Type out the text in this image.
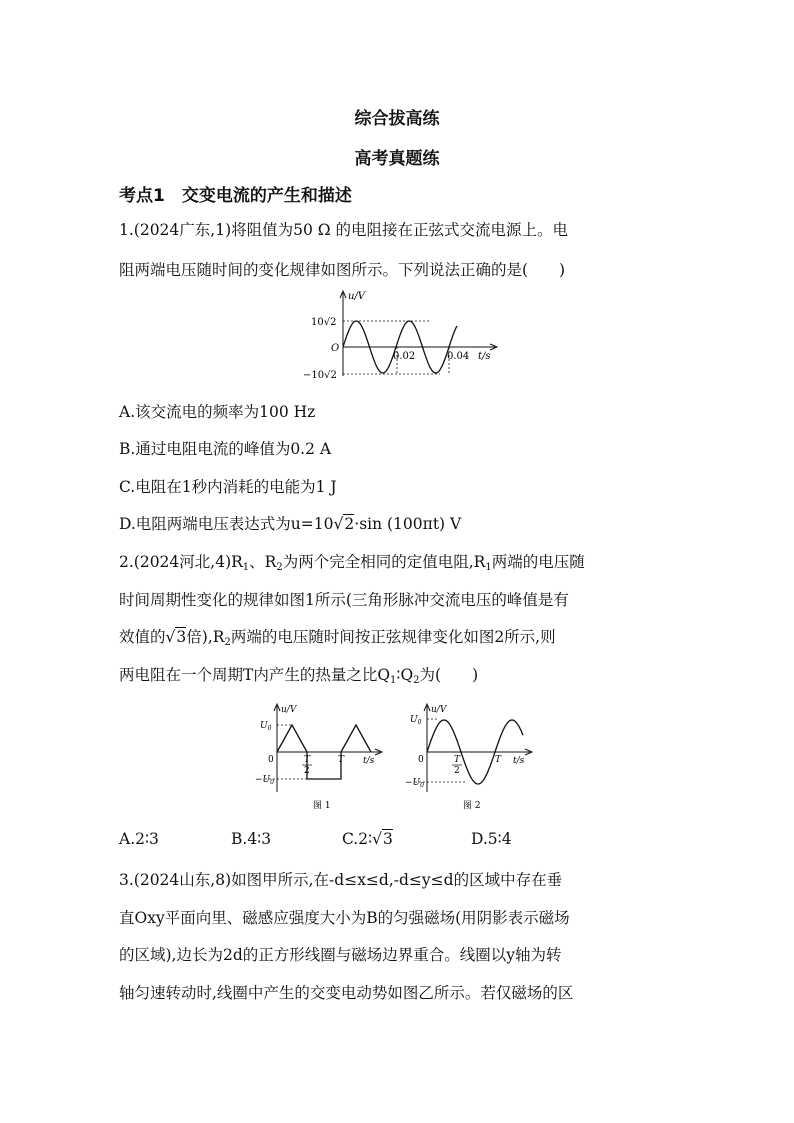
综合拔高练
高考真题练
考点1　交变电流的产生和描述
1.(2024广东,1)将阻值为50 Ω 的电阻接在正弦式交流电源上。电
阻两端电压随时间的变化规律如图所示。下列说法正确的是(　　)
u/V
10√2
O
−10√2
0.02	0.04 t/s
A.该交流电的频率为100 Hz
B.通过电阻电流的峰值为0.2 A
C.电阻在1秒内消耗的电能为1 J
D.电阻两端电压表达式为u=10√2·sin (100πt) V
2.(2024河北$,4)R_1$、$R_2$为两个完全相同的定值电阻$,R_1$两端的电压随
时间周期性变化的规律如图1所示(三角形脉冲交流电压的峰值是有
效值的√3倍)$,R_2$两端的电压随时间按正弦规律变化如图2所示,则
两电阻在一个周期T内产生的热量之比$Q_1∶Q_2$为(　　)
u/V
$U_0$
0	T
2
T t/s
$-U_0$
图 1
u/V
$U_0$
0	T
2
T t/s
$-U_0$
图 2
A.2∶3	B.4∶3	C.2∶√3	D.5∶4
3.(2024山东,8)如图甲所示,在-d≤x≤d,-d≤y≤d的区域中存在垂
直Oxy平面向里、磁感应强度大小为B的匀强磁场(用阴影表示磁场
的区域),边长为2d的正方形线圈与磁场边界重合。线圈以y轴为转
轴匀速转动时,线圈中产生的交变电动势如图乙所示。若仅磁场的区
